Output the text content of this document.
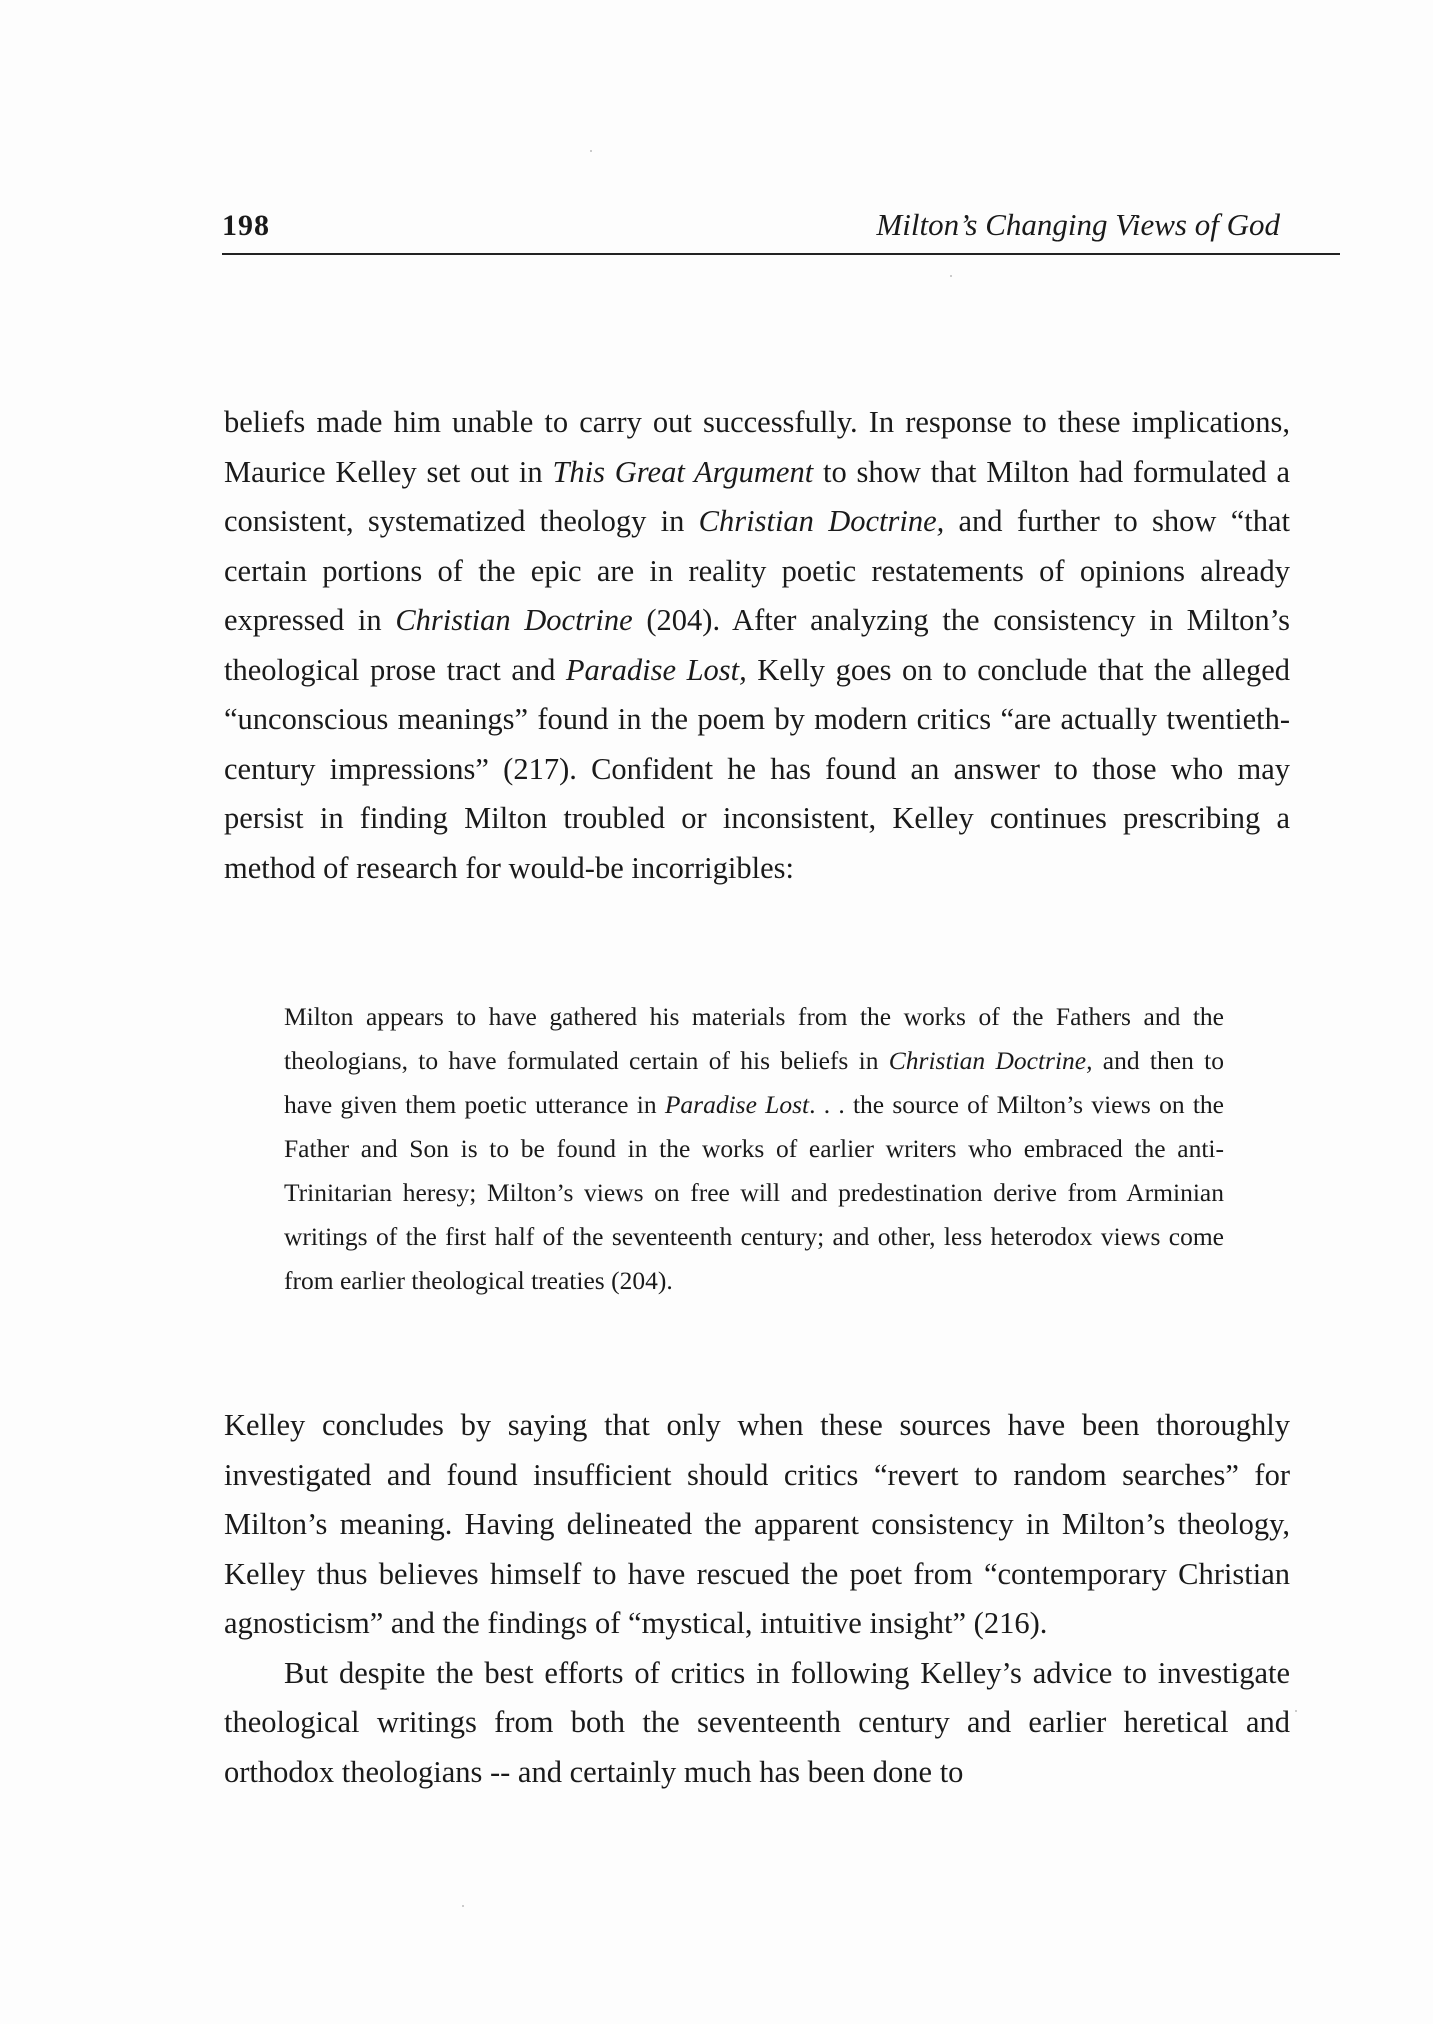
198	Milton’s Changing Views of God

beliefs made him unable to carry out successfully. In response to these implications, Maurice Kelley set out in This Great Argument to show that Milton had formulated a consistent, systematized theology in Christian Doctrine, and further to show “that certain portions of the epic are in reality poetic restatements of opinions already expressed in Christian Doctrine (204). After analyzing the consistency in Milton’s theological prose tract and Paradise Lost, Kelly goes on to conclude that the alleged “unconscious meanings” found in the poem by modern critics “are actually twentieth-century impressions” (217). Confident he has found an answer to those who may persist in finding Milton troubled or inconsistent, Kelley continues prescribing a method of research for would-be incorrigibles:

Milton appears to have gathered his materials from the works of the Fathers and the theologians, to have formulated certain of his beliefs in Christian Doctrine, and then to have given them poetic utterance in Paradise Lost. . . the source of Milton’s views on the Father and Son is to be found in the works of earlier writers who embraced the anti-Trinitarian heresy; Milton’s views on free will and predestination derive from Arminian writings of the first half of the seventeenth century; and other, less heterodox views come from earlier theological treaties (204).

Kelley concludes by saying that only when these sources have been thoroughly investigated and found insufficient should critics “revert to random searches” for Milton’s meaning. Having delineated the apparent consistency in Milton’s theology, Kelley thus believes himself to have rescued the poet from “contemporary Christian agnosticism” and the findings of “mystical, intuitive insight” (216).

But despite the best efforts of critics in following Kelley’s advice to investigate theological writings from both the seventeenth century and earlier heretical and orthodox theologians -- and certainly much has been done to
